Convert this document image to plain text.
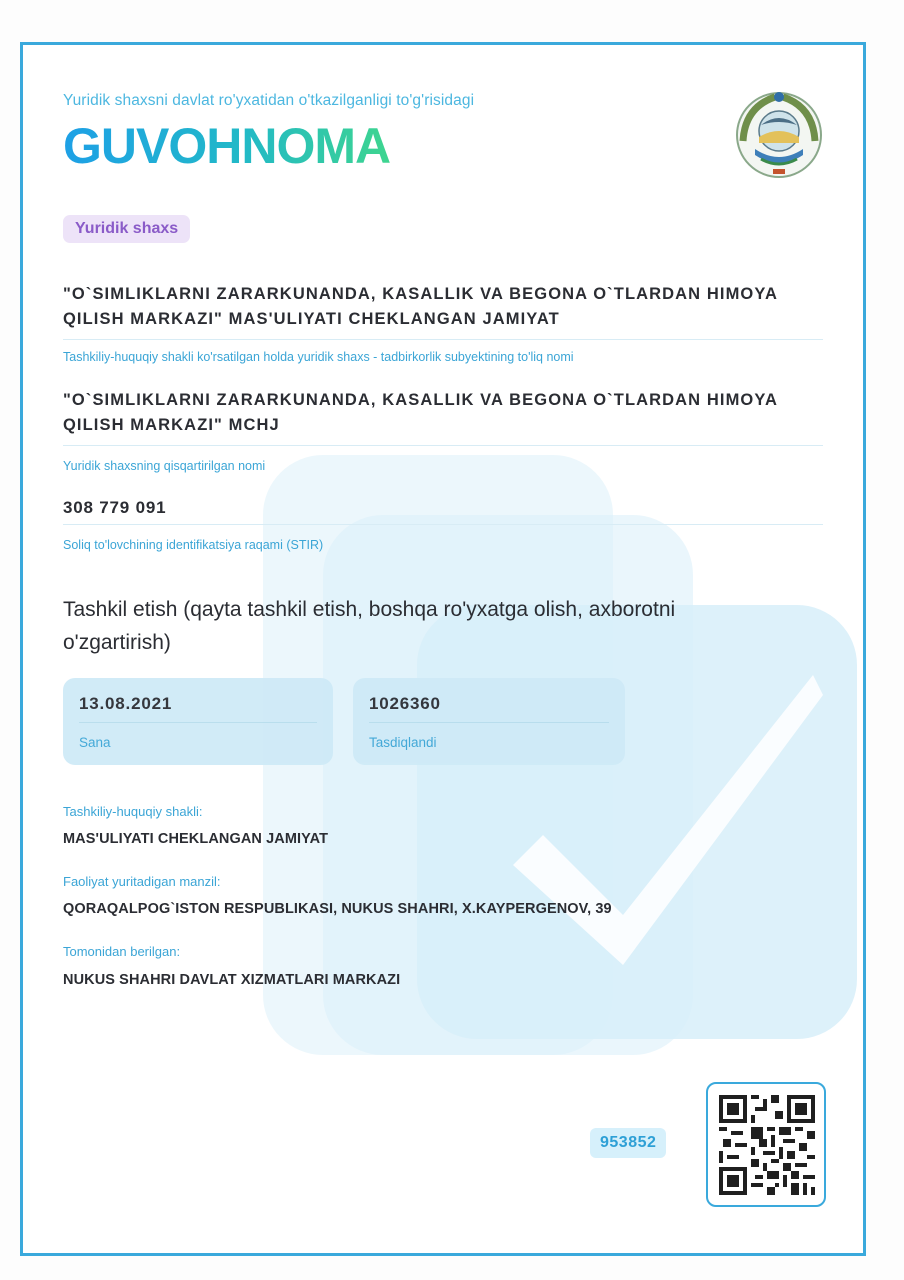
Yuridik shaxsni davlat ro'yxatidan o'tkazilganligi to'g'risidagi
GUVOHNOMA
Yuridik shaxs
"O`SIMLIKLARNI ZARARKUNANDA, KASALLIK VA BEGONA O`TLARDAN HIMOYA
QILISH MARKAZI" MAS'ULIYATI CHEKLANGAN JAMIYAT
Tashkiliy-huquqiy shakli ko'rsatilgan holda yuridik shaxs - tadbirkorlik subyektining to'liq nomi
"O`SIMLIKLARNI ZARARKUNANDA, KASALLIK VA BEGONA O`TLARDAN HIMOYA
QILISH MARKAZI" MCHJ
Yuridik shaxsning qisqartirilgan nomi
308 779 091
Soliq to'lovchining identifikatsiya raqami (STIR)
Tashkil etish (qayta tashkil etish, boshqa ro'yxatga olish, axborotni o'zgartirish)
13.08.2021
Sana
1026360
Tasdiqlandi
Tashkiliy-huquqiy shakli:
MAS'ULIYATI CHEKLANGAN JAMIYAT
Faoliyat yuritadigan manzil:
QORAQALPOG`ISTON RESPUBLIKASI, NUKUS SHAHRI, X.KAYPERGENOV, 39
Tomonidan berilgan:
NUKUS SHAHRI DAVLAT XIZMATLARI MARKAZI
953852
